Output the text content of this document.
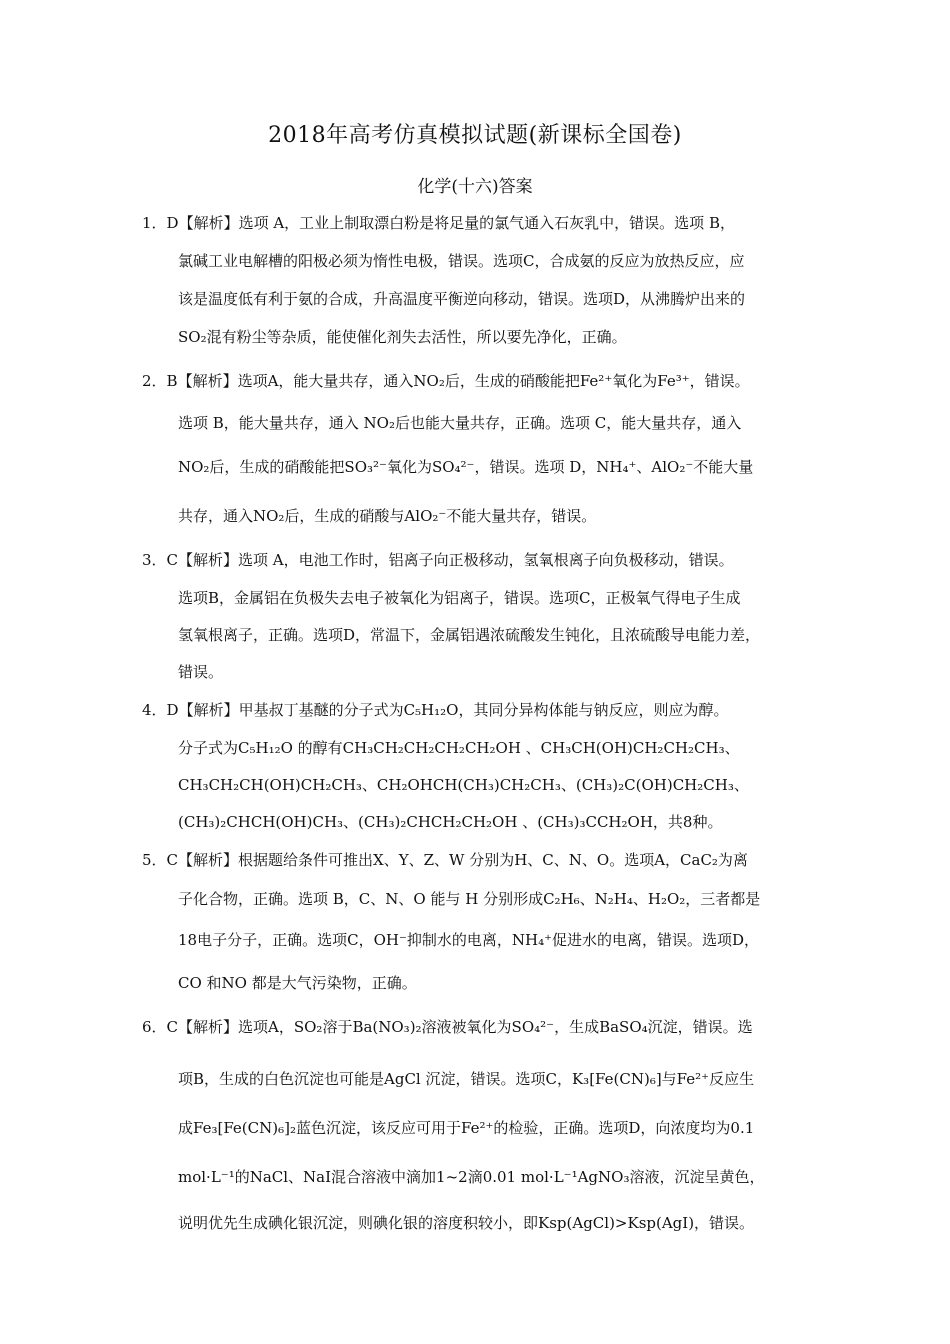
2018年高考仿真模拟试题(新课标全国卷)
化学(十六)答案
1．D【解析】选项 A，工业上制取漂白粉是将足量的氯气通入石灰乳中，错误。选项 B，
氯碱工业电解槽的阳极必须为惰性电极，错误。选项C，合成氨的反应为放热反应，应
该是温度低有利于氨的合成，升高温度平衡逆向移动，错误。选项D，从沸腾炉出来的
SO₂混有粉尘等杂质，能使催化剂失去活性，所以要先净化，正确。
2．B【解析】选项A，能大量共存，通入NO₂后，生成的硝酸能把Fe²⁺氧化为Fe³⁺，错误。
选项 B，能大量共存，通入 NO₂后也能大量共存，正确。选项 C，能大量共存，通入
NO₂后，生成的硝酸能把SO₃²⁻氧化为SO₄²⁻，错误。选项 D，NH₄⁺、AlO₂⁻不能大量
共存，通入NO₂后，生成的硝酸与AlO₂⁻不能大量共存，错误。
3．C【解析】选项 A，电池工作时，铝离子向正极移动，氢氧根离子向负极移动，错误。
选项B，金属铝在负极失去电子被氧化为铝离子，错误。选项C，正极氧气得电子生成
氢氧根离子，正确。选项D，常温下，金属铝遇浓硫酸发生钝化，且浓硫酸导电能力差，
错误。
4．D【解析】甲基叔丁基醚的分子式为C₅H₁₂O，其同分异构体能与钠反应，则应为醇。
分子式为C₅H₁₂O 的醇有CH₃CH₂CH₂CH₂CH₂OH 、CH₃CH(OH)CH₂CH₂CH₃、
CH₃CH₂CH(OH)CH₂CH₃、CH₂OHCH(CH₃)CH₂CH₃、(CH₃)₂C(OH)CH₂CH₃、
(CH₃)₂CHCH(OH)CH₃、(CH₃)₂CHCH₂CH₂OH 、(CH₃)₃CCH₂OH，共8种。
5．C【解析】根据题给条件可推出X、Y、Z、W 分别为H、C、N、O。选项A，CaC₂为离
子化合物，正确。选项 B，C、N、O 能与 H 分别形成C₂H₆、N₂H₄、H₂O₂，三者都是
18电子分子，正确。选项C，OH⁻抑制水的电离，NH₄⁺促进水的电离，错误。选项D，
CO 和NO 都是大气污染物，正确。
6．C【解析】选项A，SO₂溶于Ba(NO₃)₂溶液被氧化为SO₄²⁻，生成BaSO₄沉淀，错误。选
项B，生成的白色沉淀也可能是AgCl 沉淀，错误。选项C，K₃[Fe(CN)₆]与Fe²⁺反应生
成Fe₃[Fe(CN)₆]₂蓝色沉淀，该反应可用于Fe²⁺的检验，正确。选项D，向浓度均为0.1
mol·L⁻¹的NaCl、NaI混合溶液中滴加1~2滴0.01 mol·L⁻¹AgNO₃溶液，沉淀呈黄色，
说明优先生成碘化银沉淀，则碘化银的溶度积较小，即Ksp(AgCl)>Ksp(AgI)，错误。
